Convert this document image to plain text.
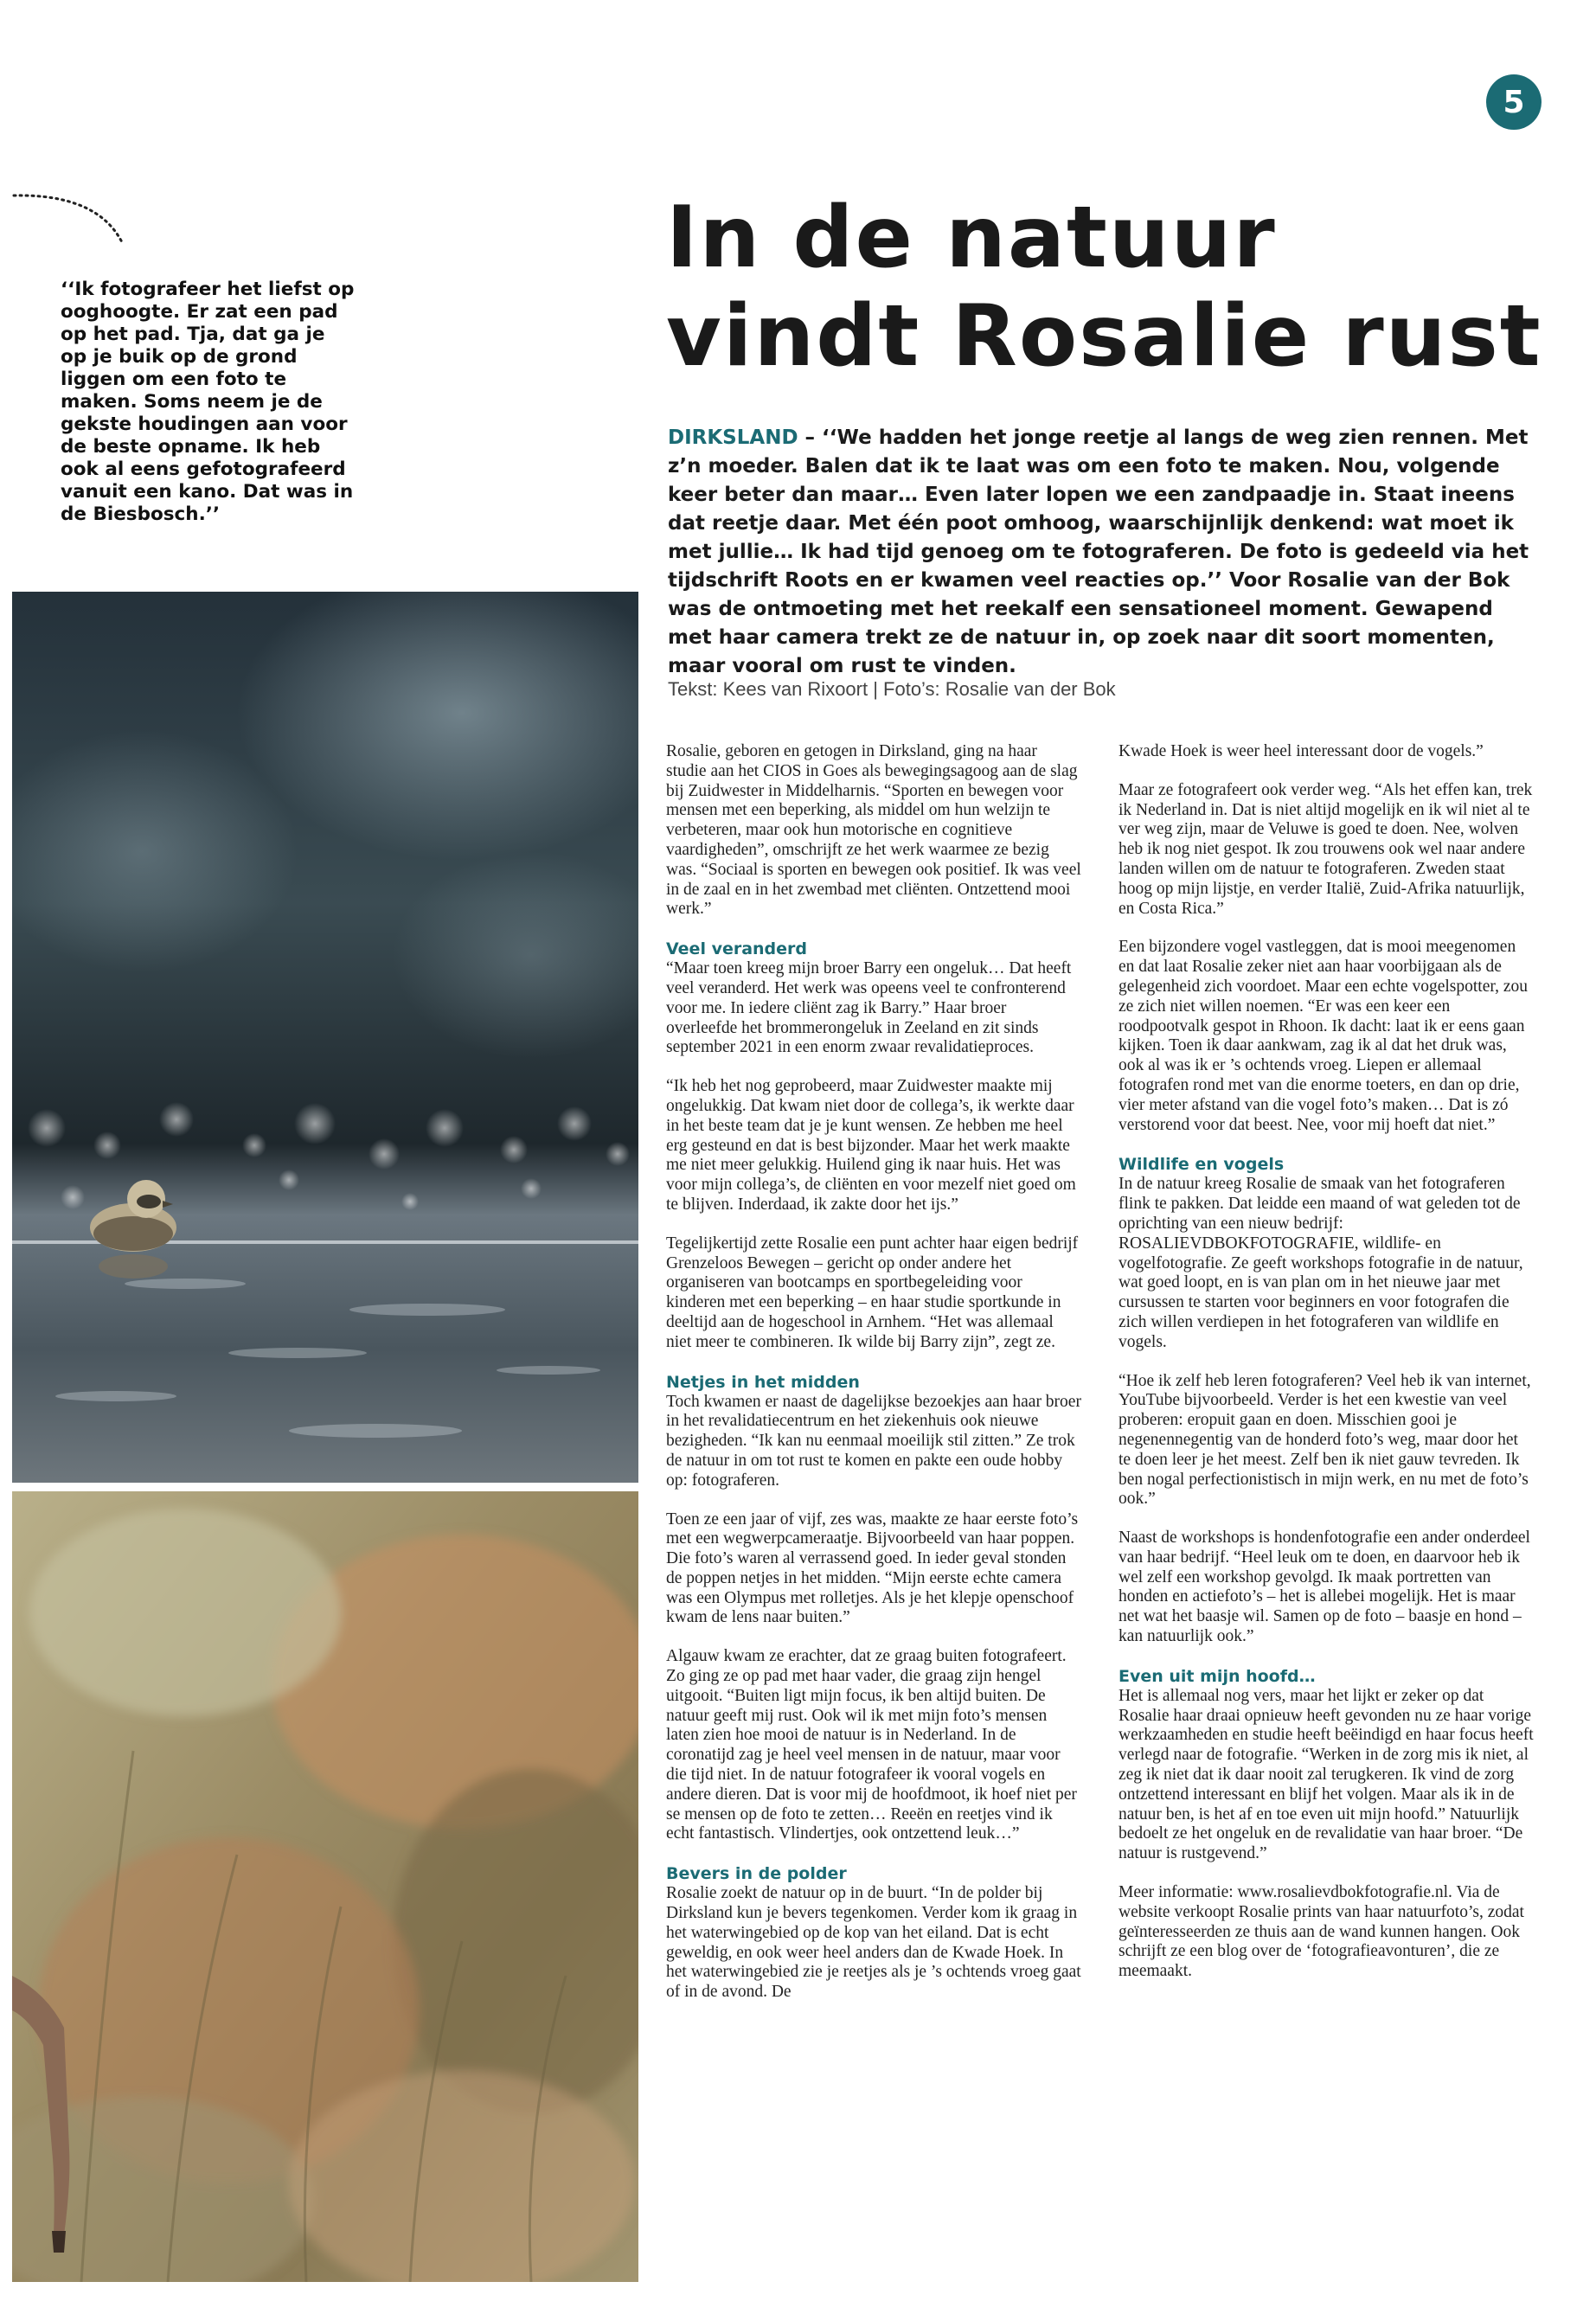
5
‘‘Ik fotografeer het liefst op ooghoogte. Er zat een pad op het pad. Tja, dat ga je op je buik op de grond liggen om een foto te maken. Soms neem je de gekste houdingen aan voor de beste opname. Ik heb ook al eens gefotografeerd vanuit een kano. Dat was in de Biesbosch.’’
In de natuur
vindt Rosalie rust
DIRKSLAND – ‘‘We hadden het jonge reetje al langs de weg zien rennen. Met z’n moeder. Balen dat ik te laat was om een foto te maken. Nou, volgende keer beter dan maar… Even later lopen we een zandpaadje in. Staat ineens dat reetje daar. Met één poot omhoog, waarschijnlijk denkend: wat moet ik met jullie… Ik had tijd genoeg om te fotograferen. De foto is gedeeld via het tijdschrift Roots en er kwamen veel reacties op.’’ Voor Rosalie van der Bok was de ontmoeting met het reekalf een sensationeel moment. Gewapend met haar camera trekt ze de natuur in, op zoek naar dit soort momenten, maar vooral om rust te vinden.
Tekst: Kees van Rixoort | Foto’s: Rosalie van der Bok

Rosalie, geboren en getogen in Dirksland, ging na haar studie aan het CIOS in Goes als bewegingsagoog aan de slag bij Zuidwester in Middelharnis. “Sporten en bewegen voor mensen met een beperking, als middel om hun welzijn te verbeteren, maar ook hun motorische en cognitieve vaardigheden”, omschrijft ze het werk waarmee ze bezig was. “Sociaal is sporten en bewegen ook positief. Ik was veel in de zaal en in het zwembad met cliënten. Ontzettend mooi werk.”

Veel veranderd

“Maar toen kreeg mijn broer Barry een ongeluk… Dat heeft veel veranderd. Het werk was opeens veel te confronterend voor me. In iedere cliënt zag ik Barry.” Haar broer overleefde het brommerongeluk in Zeeland en zit sinds september 2021 in een enorm zwaar revalidatieproces.

“Ik heb het nog geprobeerd, maar Zuidwester maakte mij ongelukkig. Dat kwam niet door de collega’s, ik werkte daar in het beste team dat je je kunt wensen. Ze hebben me heel erg gesteund en dat is best bijzonder. Maar het werk maakte me niet meer gelukkig. Huilend ging ik naar huis. Het was voor mijn collega’s, de cliënten en voor mezelf niet goed om te blijven. Inderdaad, ik zakte door het ijs.”

Tegelijkertijd zette Rosalie een punt achter haar eigen bedrijf Grenzeloos Bewegen – gericht op onder andere het organiseren van bootcamps en sportbegeleiding voor kinderen met een beperking – en haar studie sportkunde in deeltijd aan de hogeschool in Arnhem. “Het was allemaal niet meer te combineren. Ik wilde bij Barry zijn”, zegt ze.

Netjes in het midden

Toch kwamen er naast de dagelijkse bezoekjes aan haar broer in het revalidatiecentrum en het ziekenhuis ook nieuwe bezigheden. “Ik kan nu eenmaal moeilijk stil zitten.” Ze trok de natuur in om tot rust te komen en pakte een oude hobby op: fotograferen.

Toen ze een jaar of vijf, zes was, maakte ze haar eerste foto’s met een wegwerpcameraatje. Bijvoorbeeld van haar poppen. Die foto’s waren al verrassend goed. In ieder geval stonden de poppen netjes in het midden. “Mijn eerste echte camera was een Olympus met rolletjes. Als je het klepje openschoof kwam de lens naar buiten.”

Algauw kwam ze erachter, dat ze graag buiten fotografeert. Zo ging ze op pad met haar vader, die graag zijn hengel uitgooit. “Buiten ligt mijn focus, ik ben altijd buiten. De natuur geeft mij rust. Ook wil ik met mijn foto’s mensen laten zien hoe mooi de natuur is in Nederland. In de coronatijd zag je heel veel mensen in de natuur, maar voor die tijd niet. In de natuur fotografeer ik vooral vogels en andere dieren. Dat is voor mij de hoofdmoot, ik hoef niet per se mensen op de foto te zetten… Reeën en reetjes vind ik echt fantastisch. Vlindertjes, ook ontzettend leuk…”

Bevers in de polder

Rosalie zoekt de natuur op in de buurt. “In de polder bij Dirksland kun je bevers tegenkomen. Verder kom ik graag in het waterwingebied op de kop van het eiland. Dat is echt geweldig, en ook weer heel anders dan de Kwade Hoek. In het waterwingebied zie je reetjes als je ’s ochtends vroeg gaat of in de avond. De

Kwade Hoek is weer heel interessant door de vogels.”

Maar ze fotografeert ook verder weg. “Als het effen kan, trek ik Nederland in. Dat is niet altijd mogelijk en ik wil niet al te ver weg zijn, maar de Veluwe is goed te doen. Nee, wolven heb ik nog niet gespot. Ik zou trouwens ook wel naar andere landen willen om de natuur te fotograferen. Zweden staat hoog op mijn lijstje, en verder Italië, Zuid-Afrika natuurlijk, en Costa Rica.”

Een bijzondere vogel vastleggen, dat is mooi meegenomen en dat laat Rosalie zeker niet aan haar voorbijgaan als de gelegenheid zich voordoet. Maar een echte vogelspotter, zou ze zich niet willen noemen. “Er was een keer een roodpootvalk gespot in Rhoon. Ik dacht: laat ik er eens gaan kijken. Toen ik daar aankwam, zag ik al dat het druk was, ook al was ik er ’s ochtends vroeg. Liepen er allemaal fotografen rond met van die enorme toeters, en dan op drie, vier meter afstand van die vogel foto’s maken… Dat is zó verstorend voor dat beest. Nee, voor mij hoeft dat niet.”

Wildlife en vogels

In de natuur kreeg Rosalie de smaak van het fotograferen flink te pakken. Dat leidde een maand of wat geleden tot de oprichting van een nieuw bedrijf: ROSALIEVDBOKFOTOGRAFIE, wildlife- en vogelfotografie. Ze geeft workshops fotografie in de natuur, wat goed loopt, en is van plan om in het nieuwe jaar met cursussen te starten voor beginners en voor fotografen die zich willen verdiepen in het fotograferen van wildlife en vogels.

“Hoe ik zelf heb leren fotograferen? Veel heb ik van internet, YouTube bijvoorbeeld. Verder is het een kwestie van veel proberen: eropuit gaan en doen. Misschien gooi je negenennegentig van de honderd foto’s weg, maar door het te doen leer je het meest. Zelf ben ik niet gauw tevreden. Ik ben nogal perfectionistisch in mijn werk, en nu met de foto’s ook.”

Naast de workshops is hondenfotografie een ander onderdeel van haar bedrijf. “Heel leuk om te doen, en daarvoor heb ik wel zelf een workshop gevolgd. Ik maak portretten van honden en actiefoto’s – het is allebei mogelijk. Het is maar net wat het baasje wil. Samen op de foto – baasje en hond – kan natuurlijk ook.”

Even uit mijn hoofd…

Het is allemaal nog vers, maar het lijkt er zeker op dat Rosalie haar draai opnieuw heeft gevonden nu ze haar vorige werkzaamheden en studie heeft beëindigd en haar focus heeft verlegd naar de fotografie. “Werken in de zorg mis ik niet, al zeg ik niet dat ik daar nooit zal terugkeren. Ik vind de zorg ontzettend interessant en blijf het volgen. Maar als ik in de natuur ben, is het af en toe even uit mijn hoofd.” Natuurlijk bedoelt ze het ongeluk en de revalidatie van haar broer. “De natuur is rustgevend.”

Meer informatie: www.rosalievdbokfotografie.nl. Via de website verkoopt Rosalie prints van haar natuurfoto’s, zodat geïnteresseerden ze thuis aan de wand kunnen hangen. Ook schrijft ze een blog over de ‘fotografieavonturen’, die ze meemaakt.
